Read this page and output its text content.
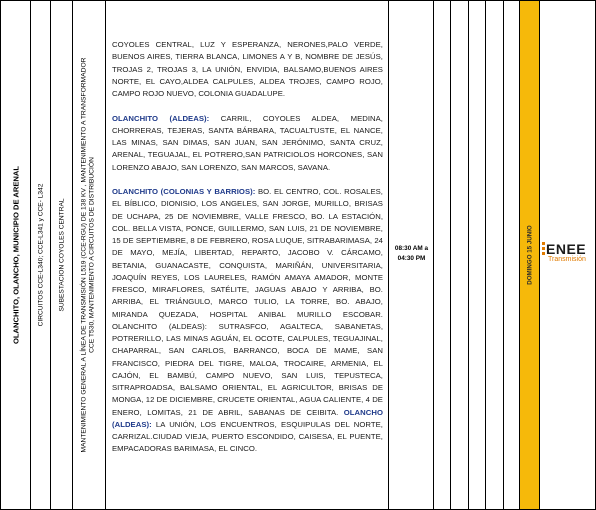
OLANCHITO, OLANCHO, MUNICIPIO DE ARENAL	CIRCUITOS CCE-L340; CCE-L341 y CCE- L342 SUBESTACION COYOLES CENTRAL MANTENIMIENTO GENERAL A LÍNEA DE TRANSMISIÓN L519 (CCE-RGU) DE 138 KV , MANTENIMIENTO A TRANSFORMADOR CCE T530, MANTENIMIENTO A CIRCUITOS DE DISTRIBUCIÓN

COYOLES CENTRAL, LUZ Y ESPERANZA, NERONES,PALO VERDE, BUENOS AIRES, TIERRA BLANCA, LIMONES A Y B, NOMBRE DE JESÚS, TROJAS 2, TROJAS 3, LA UNIÓN, ENVIDIA, BALSAMO,BUENOS AIRES NORTE, EL CAYO,ALDEA CALPULES, ALDEA TROJES, CAMPO ROJO, CAMPO ROJO NUEVO, COLONIA GUADALUPE.

OLANCHITO (ALDEAS): CARRIL, COYOLES ALDEA, MEDINA, CHORRERAS, TEJERAS, SANTA BÁRBARA, TACUALTUSTE, EL NANCE, LAS MINAS, SAN DIMAS, SAN JUAN, SAN JERÓNIMO, SANTA CRUZ, ARENAL, TEGUAJAL, EL POTRERO,SAN PATRICIOLOS HORCONES, SAN LORENZO ABAJO, SAN LORENZO, SAN MARCOS, SAVANA.

OLANCHITO (COLONIAS Y BARRIOS): BO. EL CENTRO, COL. ROSALES, EL BÍBLICO, DIONISIO, LOS ANGELES, SAN JORGE, MURILLO, BRISAS DE UCHAPA, 25 DE NOVIEMBRE, VALLE FRESCO, BO. LA ESTACIÓN, COL. BELLA VISTA, PONCE, GUILLERMO, SAN LUIS, 21 DE NOVIEMBRE, 15 DE SEPTIEMBRE, 8 DE FEBRERO, ROSA LUQUE, SITRABARIMASA, 24 DE MAYO, MEJÍA, LIBERTAD, REPARTO, JACOBO V. CÁRCAMO, BETANIA, GUANACASTE, CONQUISTA, MARIÑÁN, UNIVERSITARIA, JOAQUÍN REYES, LOS LAURELES, RAMÓN AMAYA AMADOR, MONTE FRESCO, MIRAFLORES, SATÉLITE, JAGUAS ABAJO Y ARRIBA, BO. ARRIBA, EL TRIÁNGULO, MARCO TULIO, LA TORRE, BO. ABAJO, MIRANDA QUEZADA, HOSPITAL ANIBAL MURILLO ESCOBAR. OLANCHITO (ALDEAS): SUTRASFCO, AGALTECA, SABANETAS, POTRERILLO, LAS MINAS AGUÁN, EL OCOTE, CALPULES, TEGUAJINAL, CHAPARRAL, SAN CARLOS, BARRANCO, BOCA DE MAME, SAN FRANCISCO, PIEDRA DEL TIGRE, MALOA, TROCAIRE, ARMENIA, EL CAJÓN, EL BAMBÚ, CAMPO NUEVO, SAN LUIS, TEPUSTECA, SITRAPROADSA, BALSAMO ORIENTAL, EL AGRICULTOR, BRISAS DE MONGA, 12 DE DICIEMBRE, CRUCETE ORIENTAL, AGUA CALIENTE, 4 DE ENERO, LOMITAS, 21 DE ABRIL, SABANAS DE CEIBITA. OLANCHO (ALDEAS): LA UNIÓN, LOS ENCUENTROS, ESQUIPULAS DEL NORTE, CARRIZAL.CIUDAD VIEJA, PUERTO ESCONDIDO, CAISESA, EL PUENTE, EMPACADORAS BARIMASA, EL CINCO.

08:30 AM a
04:30 PM	DOMINGO 15 JUNIO ENEE
Transmisión
